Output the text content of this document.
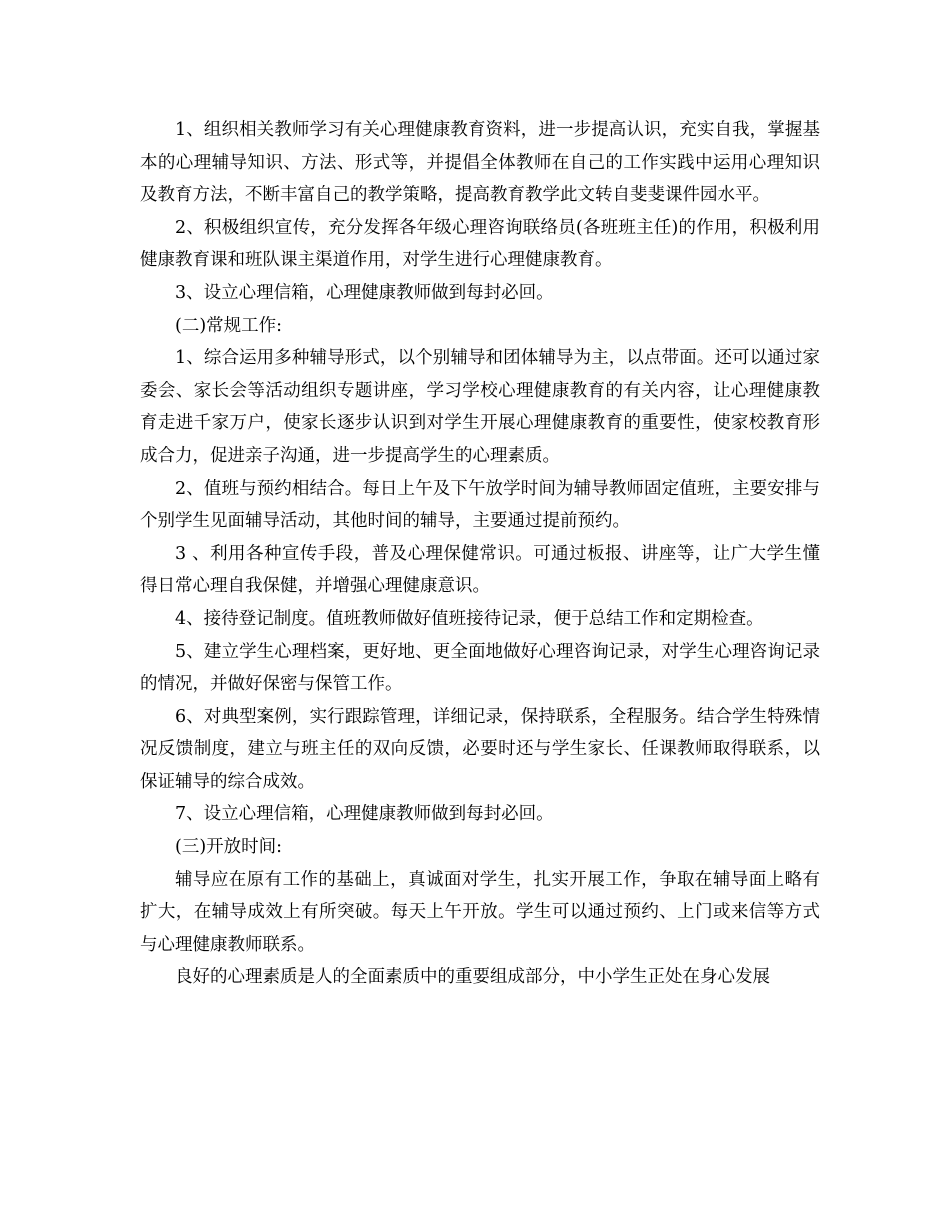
1、组织相关教师学习有关心理健康教育资料，进一步提高认识，充实自我，掌握基本的心理辅导知识、方法、形式等，并提倡全体教师在自己的工作实践中运用心理知识及教育方法，不断丰富自己的教学策略，提高教育教学此文转自斐斐课件园水平。

2、积极组织宣传，充分发挥各年级心理咨询联络员(各班班主任)的作用，积极利用健康教育课和班队课主渠道作用，对学生进行心理健康教育。

3、设立心理信箱，心理健康教师做到每封必回。

(二)常规工作:

1、综合运用多种辅导形式，以个别辅导和团体辅导为主，以点带面。还可以通过家委会、家长会等活动组织专题讲座，学习学校心理健康教育的有关内容，让心理健康教育走进千家万户，使家长逐步认识到对学生开展心理健康教育的重要性，使家校教育形成合力，促进亲子沟通，进一步提高学生的心理素质。

2、值班与预约相结合。每日上午及下午放学时间为辅导教师固定值班，主要安排与个别学生见面辅导活动，其他时间的辅导，主要通过提前预约。

3 、利用各种宣传手段，普及心理保健常识。可通过板报、讲座等，让广大学生懂得日常心理自我保健，并增强心理健康意识。

4、接待登记制度。值班教师做好值班接待记录，便于总结工作和定期检查。

5、建立学生心理档案，更好地、更全面地做好心理咨询记录，对学生心理咨询记录的情况，并做好保密与保管工作。

6、对典型案例，实行跟踪管理，详细记录，保持联系，全程服务。结合学生特殊情况反馈制度，建立与班主任的双向反馈，必要时还与学生家长、任课教师取得联系，以保证辅导的综合成效。

7、设立心理信箱，心理健康教师做到每封必回。

(三)开放时间:

辅导应在原有工作的基础上，真诚面对学生，扎实开展工作，争取在辅导面上略有扩大，在辅导成效上有所突破。每天上午开放。学生可以通过预约、上门或来信等方式与心理健康教师联系。

良好的心理素质是人的全面素质中的重要组成部分，中小学生正处在身心发展
